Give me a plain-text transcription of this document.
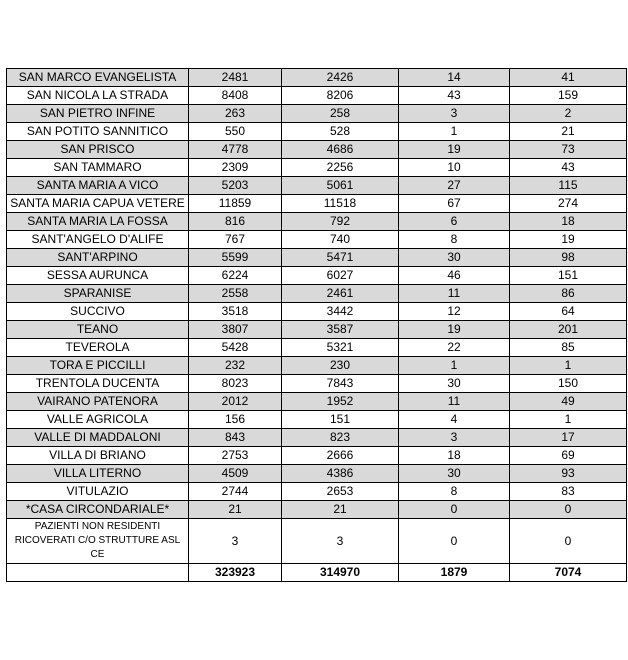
SAN MARCO EVANGELISTA	2481	2426	14	41
SAN NICOLA LA STRADA	8408	8206	43	159
SAN PIETRO INFINE	263	258	3	2
SAN POTITO SANNITICO	550	528	1	21
SAN PRISCO	4778	4686	19	73
SAN TAMMARO	2309	2256	10	43
SANTA MARIA A VICO	5203	5061	27	115
SANTA MARIA CAPUA VETERE	11859	11518	67	274
SANTA MARIA LA FOSSA	816	792	6	18
SANT'ANGELO D'ALIFE	767	740	8	19
SANT'ARPINO	5599	5471	30	98
SESSA AURUNCA	6224	6027	46	151
SPARANISE	2558	2461	11	86
SUCCIVO	3518	3442	12	64
TEANO	3807	3587	19	201
TEVEROLA	5428	5321	22	85
TORA E PICCILLI	232	230	1	1
TRENTOLA DUCENTA	8023	7843	30	150
VAIRANO PATENORA	2012	1952	11	49
VALLE AGRICOLA	156	151	4	1
VALLE DI MADDALONI	843	823	3	17
VILLA DI BRIANO	2753	2666	18	69
VILLA LITERNO	4509	4386	30	93
VITULAZIO	2744	2653	8	83
*CASA CIRCONDARIALE*	21	21	0	0
PAZIENTI NON RESIDENTI RICOVERATI C/O STRUTTURE ASL CE	3	3	0	0
	323923	314970	1879	7074
